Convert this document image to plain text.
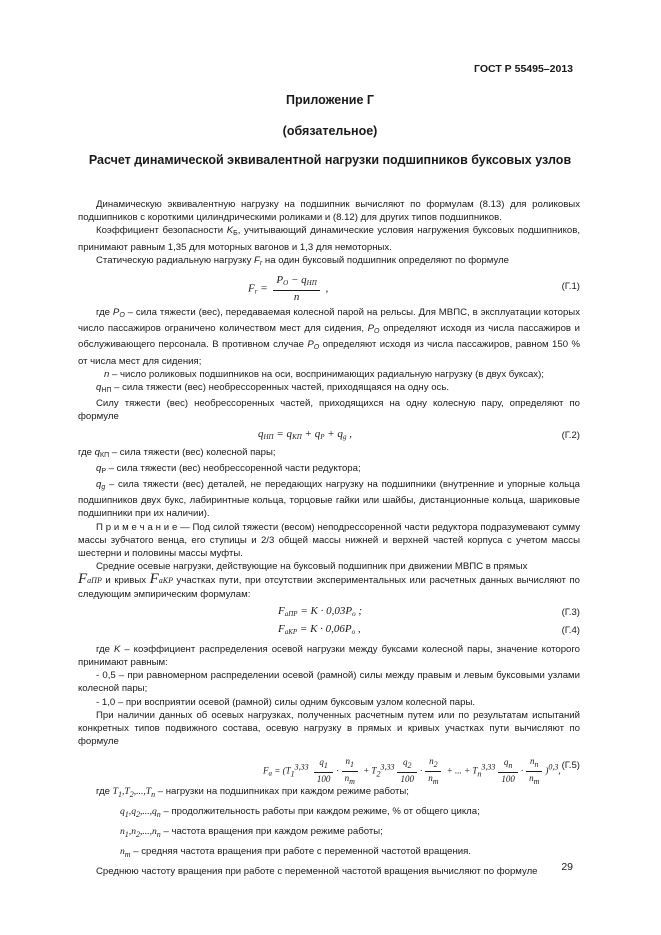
ГОСТ Р 55495–2013
Приложение Г
(обязательное)
Расчет динамической эквивалентной нагрузки подшипников буксовых узлов

Динамическую эквивалентную нагрузку на подшипник вычисляют по формулам (8.13) для роликовых подшипников с короткими цилиндрическими роликами и (8.12) для других типов подшипников.

Коэффициент безопасности $K_Б$, учитывающий динамические условия нагружения буксовых подшипников, принимают равным 1,35 для моторных вагонов и 1,3 для немоторных.

Статическую радиальную нагрузку $F_r$ на один буксовый подшипник определяют по формуле

$F_r = \frac{P_O - q_{НП}}{n}$ ,	(Г.1)

где $P_O$ – сила тяжести (вес), передаваемая колесной парой на рельсы. Для МВПС, в эксплуатации которых число пассажиров ограничено количеством мест для сидения, $P_O$ определяют исходя из числа пассажиров и обслуживающего персонала. В противном случае $P_O$ определяют исходя из числа пассажиров, равном 150 % от числа мест для сидения;

n – число роликовых подшипников на оси, воспринимающих радиальную нагрузку (в двух буксах);

$q_{НП}$ – сила тяжести (вес) необрессоренных частей, приходящаяся на одну ось.

Силу тяжести (вес) необрессоренных частей, приходящихся на одну колесную пару, определяют по формуле

$q_{НП} = q_{КП} + q_Р + q_g$ ,	(Г.2)

где $q_{КП}$ – сила тяжести (вес) колесной пары;

$q_Р$ – сила тяжести (вес) необрессоренной части редуктора;

$q_g$ – сила тяжести (вес) деталей, не передающих нагрузку на подшипники (внутренние и упорные кольца подшипников двух букс, лабиринтные кольца, торцовые гайки или шайбы, дистанционные кольца, шариковые подшипники при их наличии).

П р и м е ч а н и е — Под силой тяжести (весом) неподрессоренной части редуктора подразумевают сумму массы зубчатого венца, его ступицы и 2/3 общей массы нижней и верхней частей корпуса с учетом массы шестерни и половины массы муфты.

Средние осевые нагрузки, действующие на буксовый подшипник при движении МВПС в прямых

FaПР и кривых FaКР участках пути, при отсутствии экспериментальных или расчетных данных вычисляют по следующим эмпирическим формулам:

$F_{aПР} = K \cdot 0,03P_о$ ;	(Г.3)
$F_{aКР} = K \cdot 0,06P_о$ ,	(Г.4)

где K – коэффициент распределения осевой нагрузки между буксами колесной пары, значение которого принимают равным:

- 0,5 – при равномерном распределении осевой (рамной) силы между правым и левым буксовыми узлами колесной пары;

- 1,0 – при восприятии осевой (рамной) силы одним буксовым узлом колесной пары.

При наличии данных об осевых нагрузках, полученных расчетным путем или по результатам испытаний конкретных типов подвижного состава, осевую нагрузку в прямых и кривых участках пути вычисляют по формуле

$F_a = (T_1^{3,33} \frac{q_1}{100} \cdot \frac{n_1}{n_m} + T_2^{3,33} \frac{q_2}{100} \cdot \frac{n_2}{n_m}$ + ... + $T_n^{3,33} \frac{q_n}{100} \cdot \frac{n_n}{n_m} )^{0,3}$, (Г.5)

где $T_1,T_2,...,T_n$ – нагрузки на подшипниках при каждом режиме работы;

$q_1,q_2,...,q_n$ – продолжительность работы при каждом режиме, % от общего цикла;

$n_1,n_2,...,n_n$ – частота вращения при каждом режиме работы;

$n_m$ – средняя частота вращения при работе с переменной частотой вращения.

Среднюю частоту вращения при работе с переменной частотой вращения вычисляют по формуле	29
